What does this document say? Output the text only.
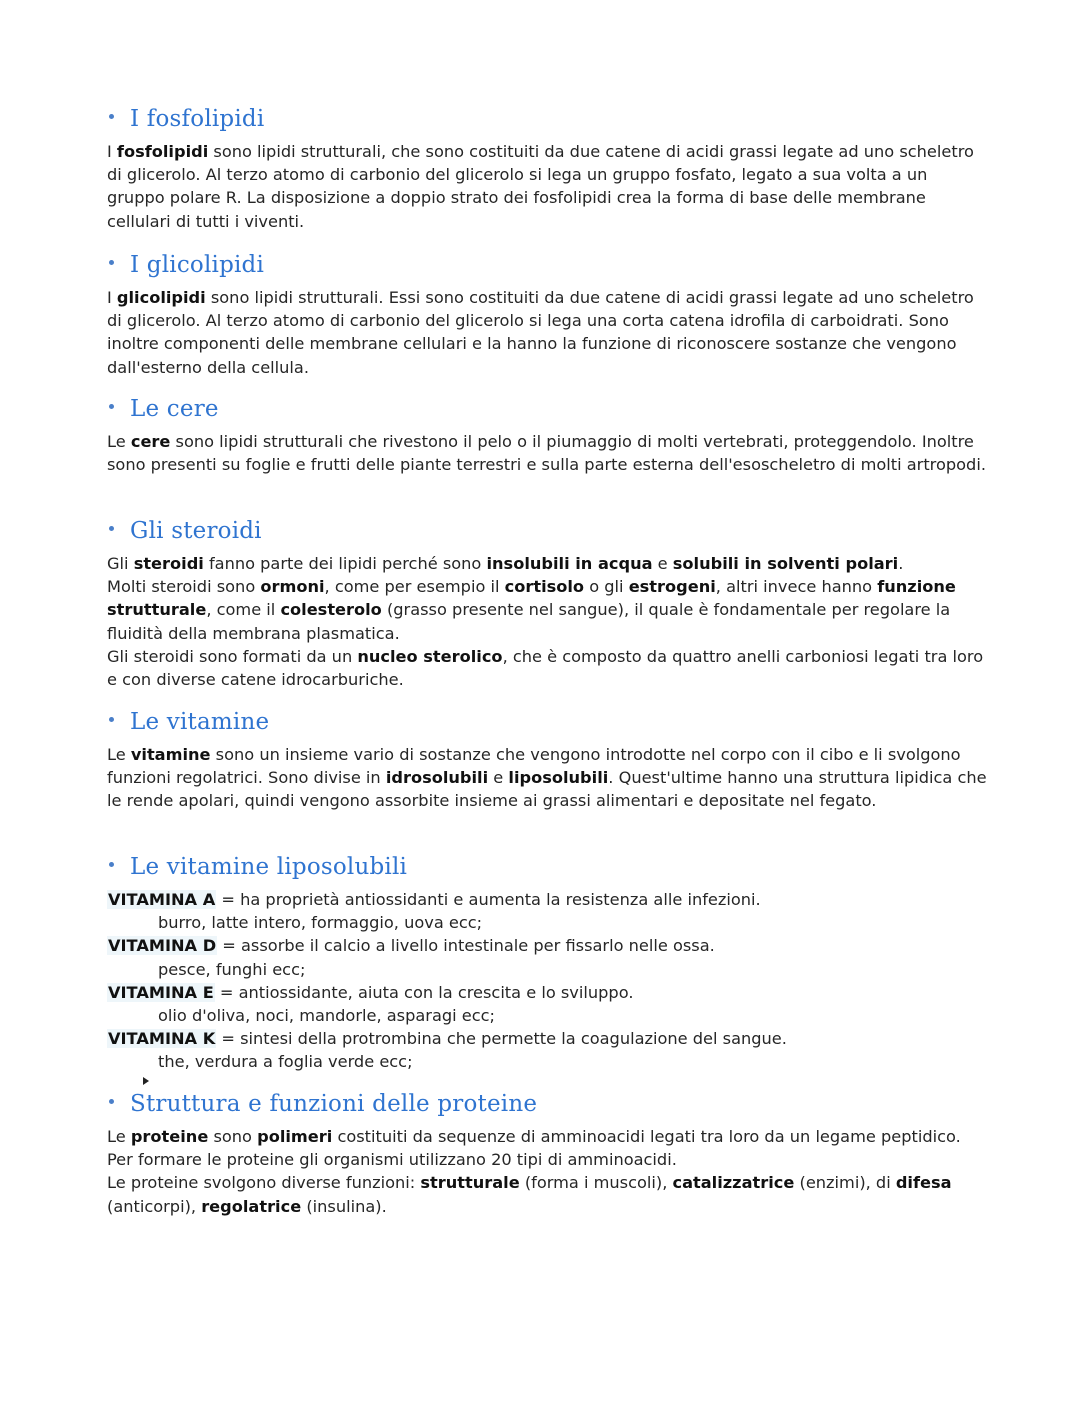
I fosfolipidi

I fosfolipidi sono lipidi strutturali, che sono costituiti da due catene di acidi grassi legate ad uno scheletro di glicerolo. Al terzo atomo di carbonio del glicerolo si lega un gruppo fosfato, legato a sua volta a un gruppo polare R. La disposizione a doppio strato dei fosfolipidi crea la forma di base delle membrane cellulari di tutti i viventi.

I glicolipidi

I glicolipidi sono lipidi strutturali. Essi sono costituiti da due catene di acidi grassi legate ad uno scheletro di glicerolo. Al terzo atomo di carbonio del glicerolo si lega una corta catena idrofila di carboidrati. Sono inoltre componenti delle membrane cellulari e la hanno la funzione di riconoscere sostanze che vengono dall'esterno della cellula.

Le cere

Le cere sono lipidi strutturali che rivestono il pelo o il piumaggio di molti vertebrati, proteggendolo. Inoltre sono presenti su foglie e frutti delle piante terrestri e sulla parte esterna dell'esoscheletro di molti artropodi.

Gli steroidi

Gli steroidi fanno parte dei lipidi perché sono insolubili in acqua e solubili in solventi polari.
Molti steroidi sono ormoni, come per esempio il cortisolo o gli estrogeni, altri invece hanno funzione strutturale, come il colesterolo (grasso presente nel sangue), il quale è fondamentale per regolare la fluidità della membrana plasmatica.
Gli steroidi sono formati da un nucleo sterolico, che è composto da quattro anelli carboniosi legati tra loro e con diverse catene idrocarburiche.

Le vitamine

Le vitamine sono un insieme vario di sostanze che vengono introdotte nel corpo con il cibo e li svolgono funzioni regolatrici. Sono divise in idrosolubili e liposolubili. Quest'ultime hanno una struttura lipidica che le rende apolari, quindi vengono assorbite insieme ai grassi alimentari e depositate nel fegato.

Le vitamine liposolubili
VITAMINA A = ha proprietà antiossidanti e aumenta la resistenza alle infezioni.
burro, latte intero, formaggio, uova ecc;
VITAMINA D = assorbe il calcio a livello intestinale per fissarlo nelle ossa.
pesce, funghi ecc;
VITAMINA E = antiossidante, aiuta con la crescita e lo sviluppo.
olio d'oliva, noci, mandorle, asparagi ecc;
VITAMINA K = sintesi della protrombina che permette la coagulazione del sangue.
the, verdura a foglia verde ecc;
Struttura e funzioni delle proteine

Le proteine sono polimeri costituiti da sequenze di amminoacidi legati tra loro da un legame peptidico. Per formare le proteine gli organismi utilizzano 20 tipi di amminoacidi.
Le proteine svolgono diverse funzioni: strutturale (forma i muscoli), catalizzatrice (enzimi), di difesa (anticorpi), regolatrice (insulina).
